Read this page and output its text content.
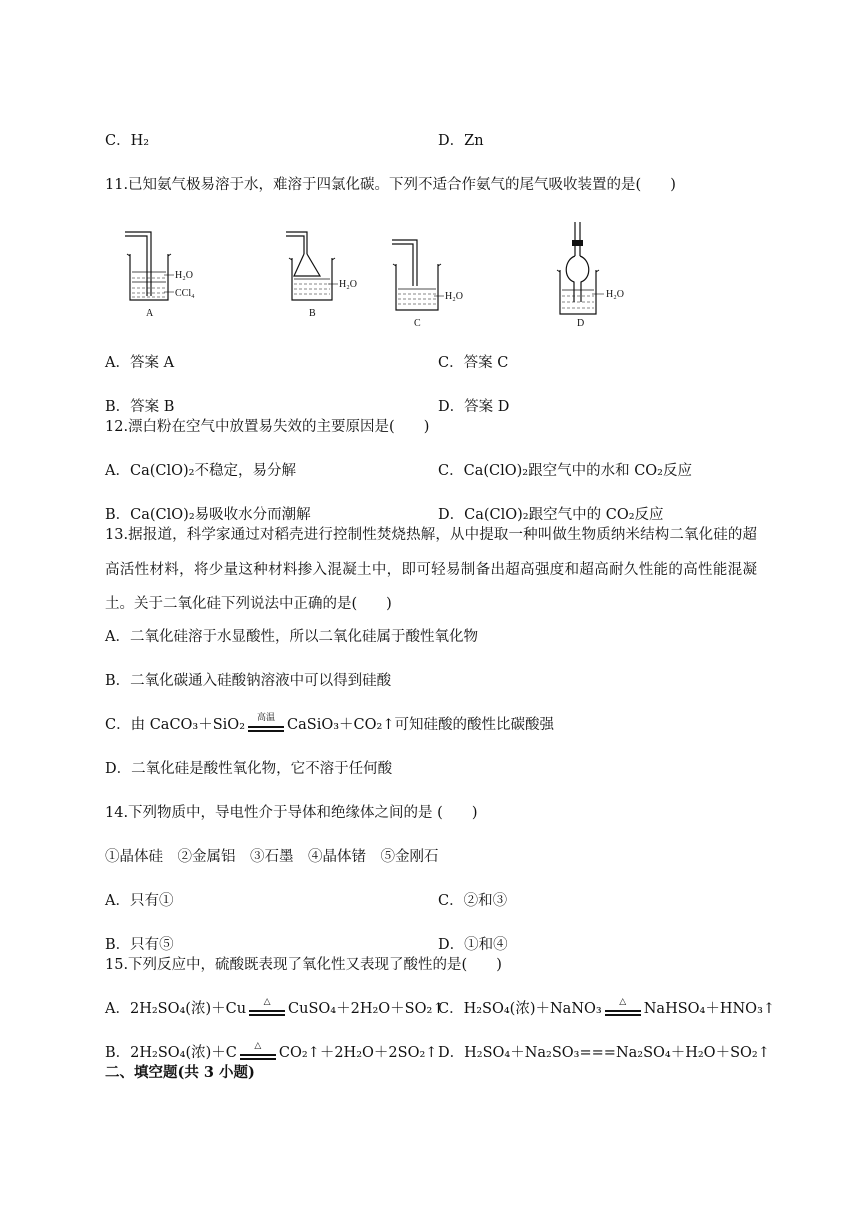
C．H₂	D．Zn
11.已知氨气极易溶于水，难溶于四氯化碳。下列不适合作氨气的尾气吸收装置的是(　　)
H₂O
CCl₄
A
H₂O
B
H₂O
C
H₂O
D
A．答案 A	C．答案 C
B．答案 B	D．答案 D
12.漂白粉在空气中放置易失效的主要原因是(　　)
A．Ca(ClO)₂不稳定，易分解	C．Ca(ClO)₂跟空气中的水和 CO₂反应
B．Ca(ClO)₂易吸收水分而潮解	D．Ca(ClO)₂跟空气中的 CO₂反应
13.据报道，科学家通过对稻壳进行控制性焚烧热解，从中提取一种叫做生物质纳米结构二氧化硅的超高活性材料，将少量这种材料掺入混凝土中，即可轻易制备出超高强度和超高耐久性能的高性能混凝土。关于二氧化硅下列说法中正确的是(　　)
A．二氧化硅溶于水显酸性，所以二氧化硅属于酸性氧化物
B．二氧化碳通入硅酸钠溶液中可以得到硅酸
C．由 CaCO₃＋SiO₂	高温 CaSiO₃＋CO₂↑可知硅酸的酸性比碳酸强
D．二氧化硅是酸性氧化物，它不溶于任何酸
14.下列物质中，导电性介于导体和绝缘体之间的是 (　　)
①晶体硅　②金属铝　③石墨　④晶体锗　⑤金刚石
A．只有①	C．②和③
B．只有⑤	D．①和④
15.下列反应中，硫酸既表现了氧化性又表现了酸性的是(　　)
A．2H₂SO₄(浓)＋Cu	△	CuSO₄＋2H₂O＋SO₂↑
C．H₂SO₄(浓)＋NaNO₃	△	NaHSO₄＋HNO₃↑
B．2H₂SO₄(浓)＋C	△	CO₂↑＋2H₂O＋2SO₂↑ D．H₂SO₄＋Na₂SO₃===Na₂SO₄＋H₂O＋SO₂↑
二、填空题(共 3 小题)
